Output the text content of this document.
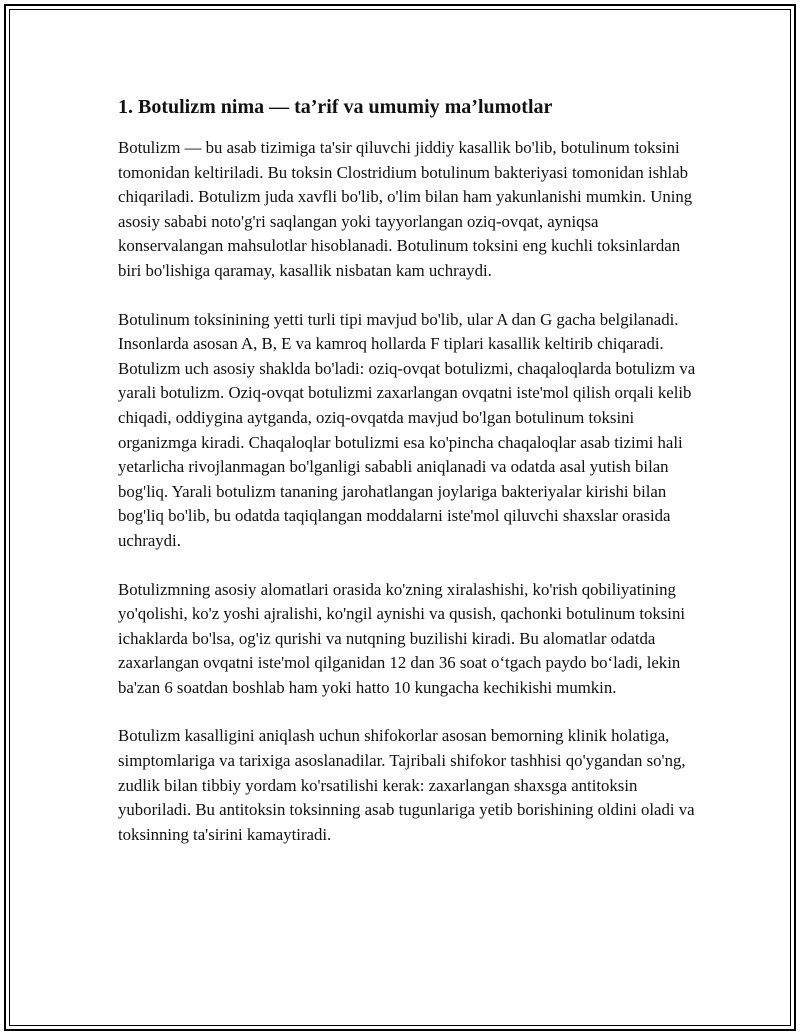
1. Botulizm nima — ta’rif va umumiy ma’lumotlar

Botulizm — bu asab tizimiga ta'sir qiluvchi jiddiy kasallik bo'lib, botulinum toksini tomonidan keltiriladi. Bu toksin Clostridium botulinum bakteriyasi tomonidan ishlab chiqariladi. Botulizm juda xavfli bo'lib, o'lim bilan ham yakunlanishi mumkin. Uning asosiy sababi noto'g'ri saqlangan yoki tayyorlangan oziq-ovqat, ayniqsa konservalangan mahsulotlar hisoblanadi. Botulinum toksini eng kuchli toksinlardan biri bo'lishiga qaramay, kasallik nisbatan kam uchraydi.

Botulinum toksinining yetti turli tipi mavjud bo'lib, ular A dan G gacha belgilanadi. Insonlarda asosan A, B, E va kamroq hollarda F tiplari kasallik keltirib chiqaradi. Botulizm uch asosiy shaklda bo'ladi: oziq-ovqat botulizmi, chaqaloqlarda botulizm va yarali botulizm. Oziq-ovqat botulizmi zaxarlangan ovqatni iste'mol qilish orqali kelib chiqadi, oddiygina aytganda, oziq-ovqatda mavjud bo'lgan botulinum toksini organizmga kiradi. Chaqaloqlar botulizmi esa ko'pincha chaqaloqlar asab tizimi hali yetarlicha rivojlanmagan bo'lganligi sababli aniqlanadi va odatda asal yutish bilan bog'liq. Yarali botulizm tananing jarohatlangan joylariga bakteriyalar kirishi bilan bog'liq bo'lib, bu odatda taqiqlangan moddalarni iste'mol qiluvchi shaxslar orasida uchraydi.

Botulizmning asosiy alomatlari orasida ko'zning xiralashishi, ko'rish qobiliyatining yo'qolishi, ko'z yoshi ajralishi, ko'ngil aynishi va qusish, qachonki botulinum toksini ichaklarda bo'lsa, og'iz qurishi va nutqning buzilishi kiradi. Bu alomatlar odatda zaxarlangan ovqatni iste'mol qilganidan 12 dan 36 soat o‘tgach paydo bo‘ladi, lekin ba'zan 6 soatdan boshlab ham yoki hatto 10 kungacha kechikishi mumkin.

Botulizm kasalligini aniqlash uchun shifokorlar asosan bemorning klinik holatiga, simptomlariga va tarixiga asoslanadilar. Tajribali shifokor tashhisi qo'ygandan so'ng, zudlik bilan tibbiy yordam ko'rsatilishi kerak: zaxarlangan shaxsga antitoksin yuboriladi. Bu antitoksin toksinning asab tugunlariga yetib borishining oldini oladi va toksinning ta'sirini kamaytiradi.
